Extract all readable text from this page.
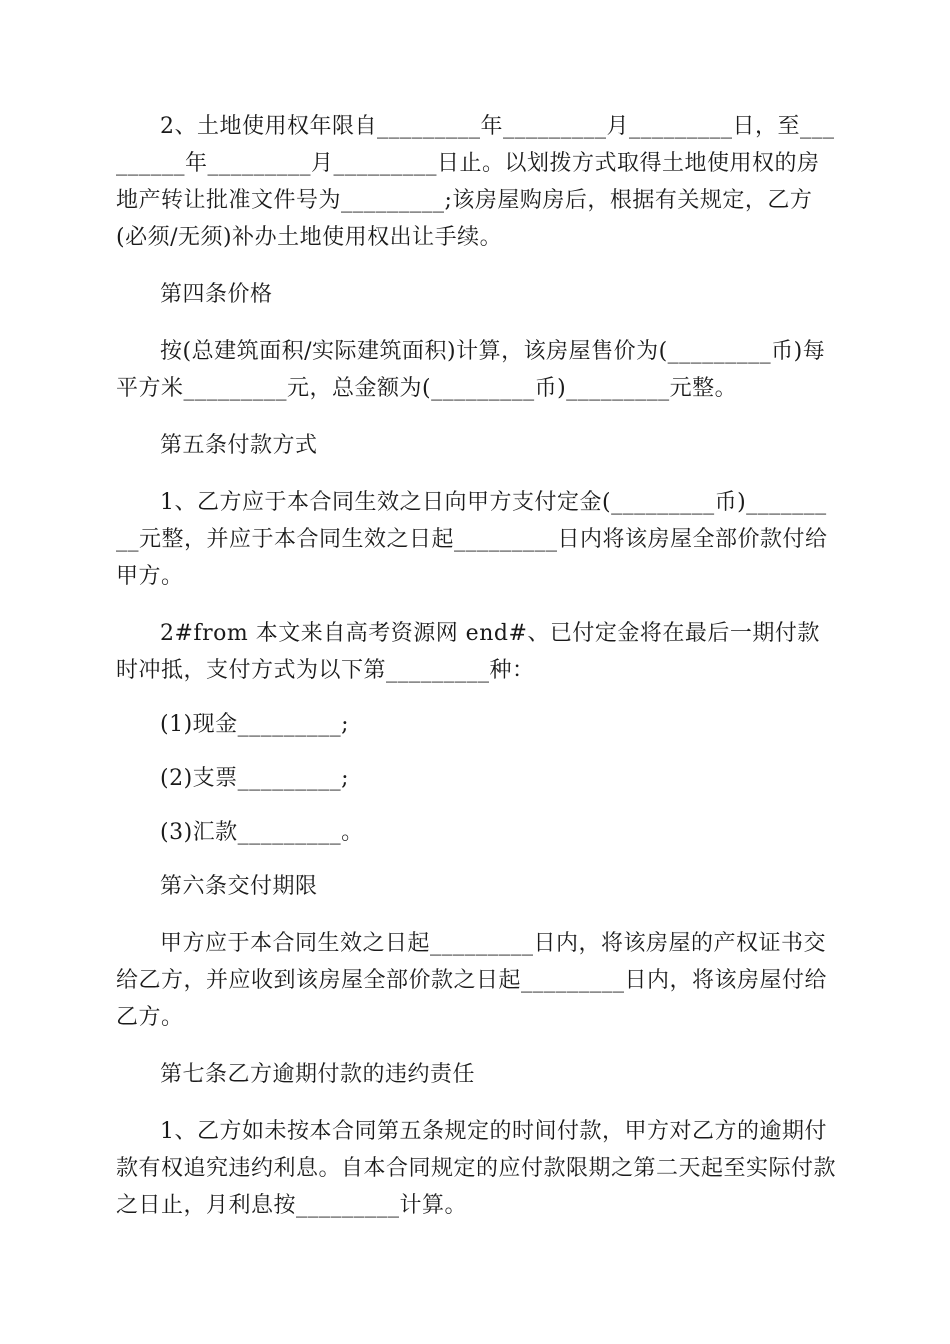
2、土地使用权年限自_________年_________月_________日，至_________年_________月_________日止。以划拨方式取得土地使用权的房地产转让批准文件号为_________;该房屋购房后，根据有关规定，乙方(必须/无须)补办土地使用权出让手续。

第四条价格

按(总建筑面积/实际建筑面积)计算，该房屋售价为(_________币)每平方米_________元，总金额为(_________币)_________元整。

第五条付款方式

1、乙方应于本合同生效之日向甲方支付定金(_________币)_________元整，并应于本合同生效之日起_________日内将该房屋全部价款付给甲方。

2#from 本文来自高考资源网 end#、已付定金将在最后一期付款时冲抵，支付方式为以下第_________种：

(1)现金_________;

(2)支票_________;

(3)汇款_________。

第六条交付期限

甲方应于本合同生效之日起_________日内，将该房屋的产权证书交给乙方，并应收到该房屋全部价款之日起_________日内，将该房屋付给乙方。

第七条乙方逾期付款的违约责任

1、乙方如未按本合同第五条规定的时间付款，甲方对乙方的逾期付款有权追究违约利息。自本合同规定的应付款限期之第二天起至实际付款之日止，月利息按_________计算。
